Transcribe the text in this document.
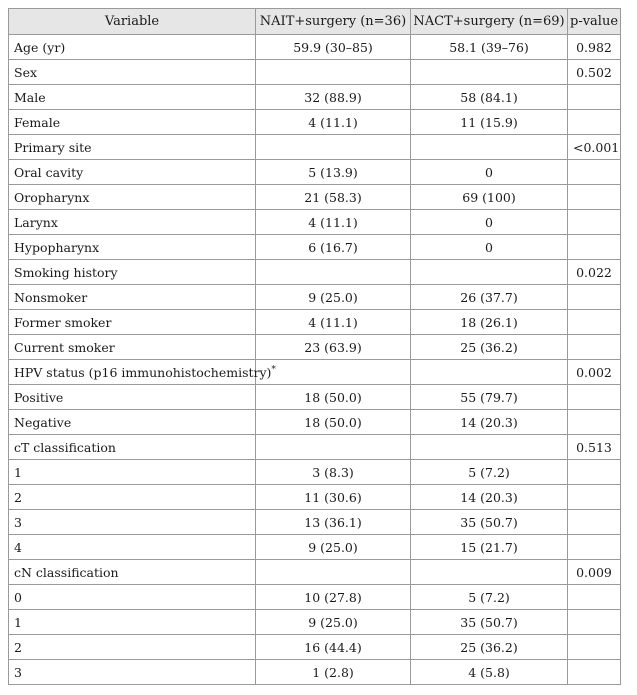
Variable	NAIT+surgery (n=36)	NACT+surgery (n=69)	p-value
Age (yr)	59.9 (30–85)	58.1 (39–76)	0.982
Sex			0.502
Male	32 (88.9)	58 (84.1)	
Female	4 (11.1)	11 (15.9)	
Primary site			<0.001
Oral cavity	5 (13.9)	0	
Oropharynx	21 (58.3)	69 (100)	
Larynx	4 (11.1)	0	
Hypopharynx	6 (16.7)	0	
Smoking history			0.022
Nonsmoker	9 (25.0)	26 (37.7)	
Former smoker	4 (11.1)	18 (26.1)	
Current smoker	23 (63.9)	25 (36.2)	
HPV status (p16 immunohistochemistry)*			0.002
Positive	18 (50.0)	55 (79.7)	
Negative	18 (50.0)	14 (20.3)	
cT classification			0.513
1	3 (8.3)	5 (7.2)	
2	11 (30.6)	14 (20.3)	
3	13 (36.1)	35 (50.7)	
4	9 (25.0)	15 (21.7)	
cN classification			0.009
0	10 (27.8)	5 (7.2)	
1	9 (25.0)	35 (50.7)	
2	16 (44.4)	25 (36.2)	
3	1 (2.8)	4 (5.8)	
